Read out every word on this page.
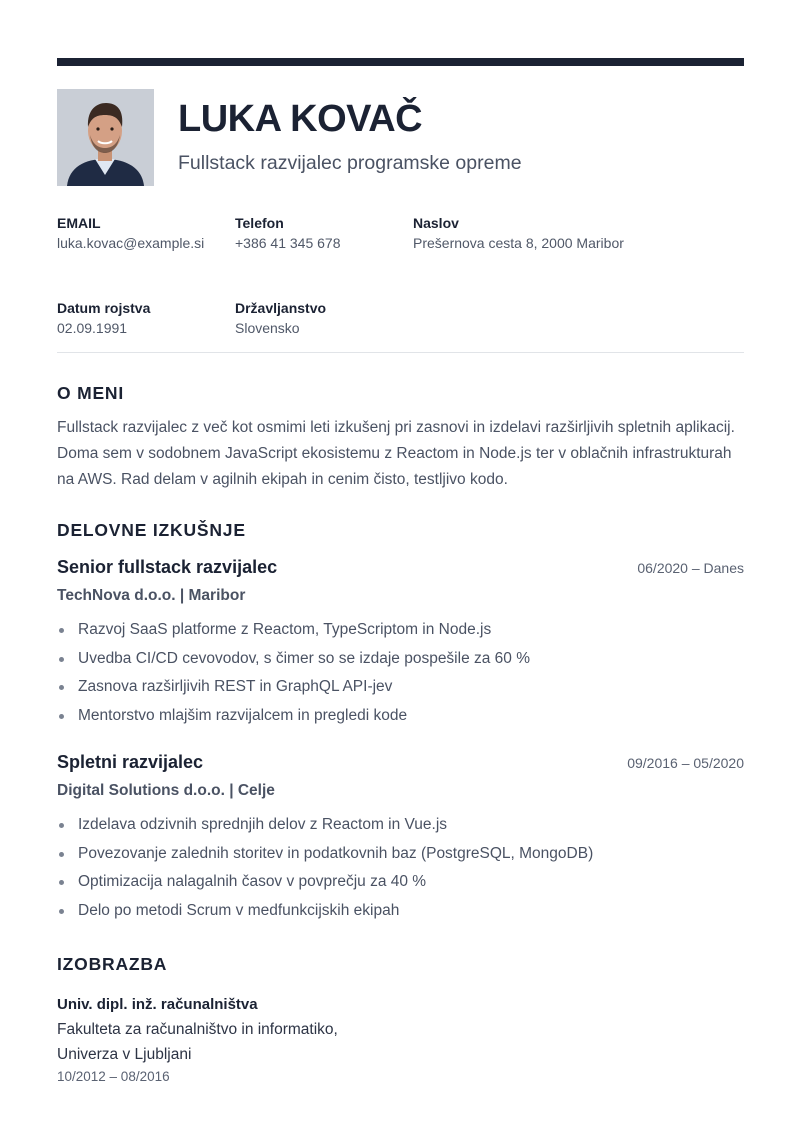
LUKA KOVAČ
Fullstack razvijalec programske opreme
EMAIL
luka.kovac@example.si
Telefon
+386 41 345 678
Naslov
Prešernova cesta 8, 2000 Maribor
Datum rojstva
02.09.1991
Državljanstvo
Slovensko
O MENI

Fullstack razvijalec z več kot osmimi leti izkušenj pri zasnovi in izdelavi razširljivih spletnih aplikacij. Doma sem v sodobnem JavaScript ekosistemu z Reactom in Node.js ter v oblačnih infrastrukturah na AWS. Rad delam v agilnih ekipah in cenim čisto, testljivo kodo.

DELOVNE IZKUŠNJE
Senior fullstack razvijalec	06/2020 – Danes
TechNova d.o.o. | Maribor
Razvoj SaaS platforme z Reactom, TypeScriptom in Node.js
Uvedba CI/CD cevovodov, s čimer so se izdaje pospešile za 60 %
Zasnova razširljivih REST in GraphQL API-jev
Mentorstvo mlajšim razvijalcem in pregledi kode
Spletni razvijalec	09/2016 – 05/2020
Digital Solutions d.o.o. | Celje
Izdelava odzivnih sprednjih delov z Reactom in Vue.js
Povezovanje zalednih storitev in podatkovnih baz (PostgreSQL, MongoDB)
Optimizacija nalagalnih časov v povprečju za 40 %
Delo po metodi Scrum v medfunkcijskih ekipah
IZOBRAZBA
Univ. dipl. inž. računalništva
Fakulteta za računalništvo in informatiko,
Univerza v Ljubljani
10/2012 – 08/2016
